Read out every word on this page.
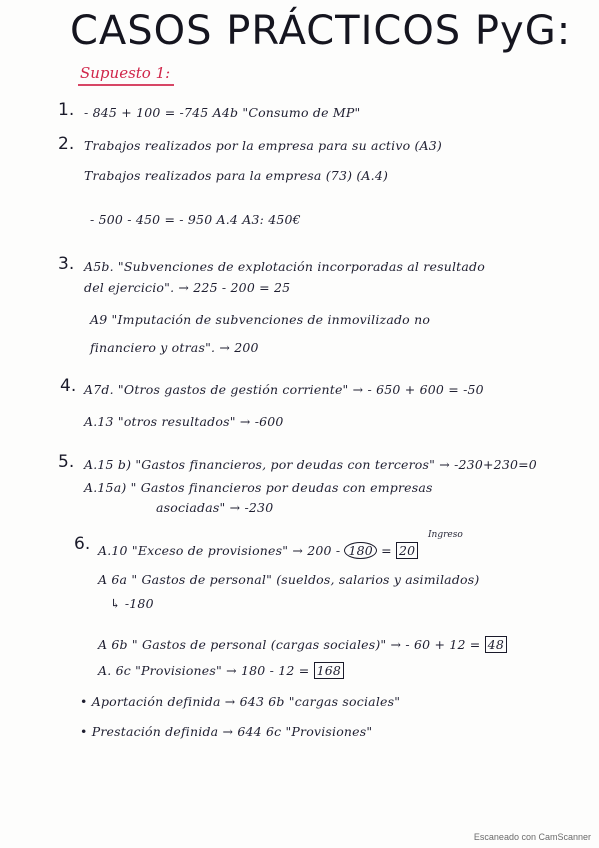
CASOS PRÁCTICOS PyG:
Supuesto 1:
1. - 845 + 100 = -745 A4b "Consumo de MP"
2. Trabajos realizados por la empresa para su activo (A3)
Trabajos realizados para la empresa (73) (A.4)
- 500 - 450 = - 950 A.4 A3: 450€
3. A5b. "Subvenciones de explotación incorporadas al resultado
del ejercicio". → 225 - 200 = 25
A9 "Imputación de subvenciones de inmovilizado no
financiero y otras". → 200
4. A7d. "Otros gastos de gestión corriente" → - 650 + 600 = -50
A.13 "otros resultados" → -600
5. A.15 b) "Gastos financieros, por deudas con terceros" → -230+230=0
A.15a) " Gastos financieros por deudas con empresas
asociadas" → -230
6.	Ingreso
A.10 "Exceso de provisiones" → 200 - 180 = 20
A 6a " Gastos de personal" (sueldos, salarios y asimilados)
↳ -180
A 6b " Gastos de personal (cargas sociales)" → - 60 + 12 = 48
A. 6c "Provisiones" → 180 - 12 = 168
• Aportación definida → 643 6b "cargas sociales"
• Prestación definida → 644 6c "Provisiones"
Escaneado con CamScanner
